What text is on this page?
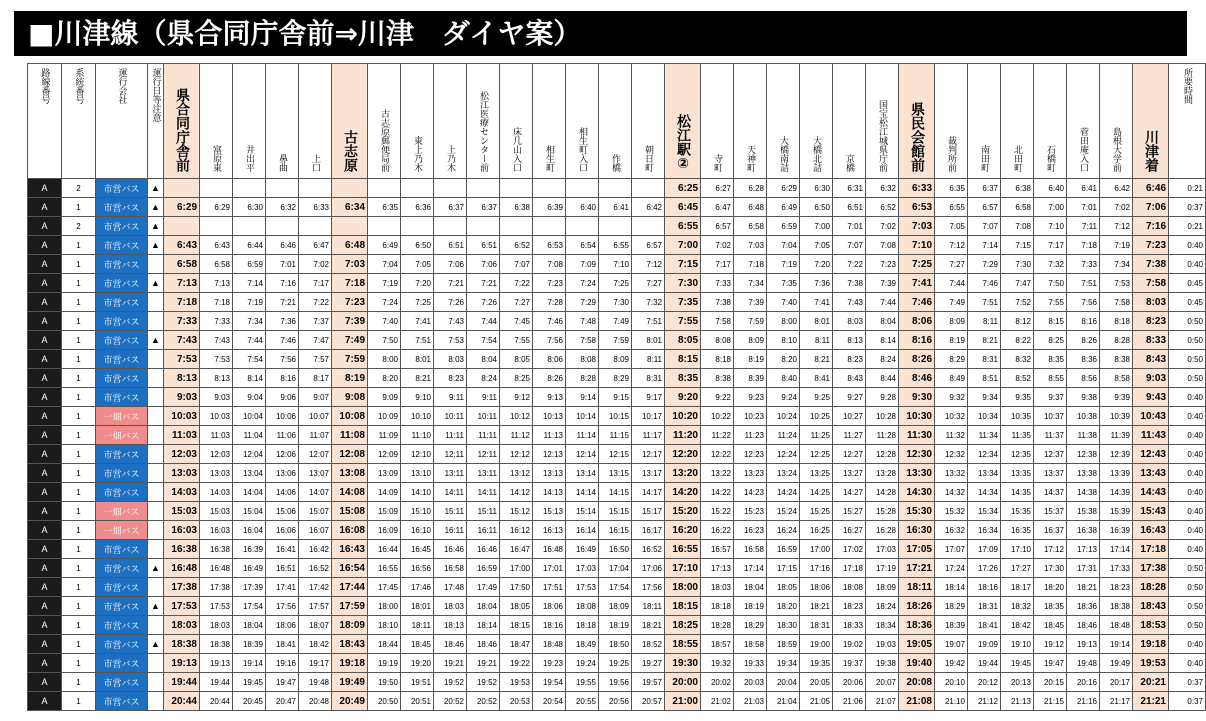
■川津線（県合同庁舎前⇒川津　ダイヤ案）
路線番号	系統番号	運行会社	運行日等注意	県合同庁舎前	富原東	井出平	鼻曲	上口	古志原	古志原郵便局前	東上乃木	上乃木	松江医療センター前	床几山入口	相生町	相生町入口	作橋	朝日町	松江駅②	寺町	天神町	大橋南詰	大橋北詰	京橋	国宝松江城県庁前	県民会館前	裁判所前	南田町	北田町	石橋町	菅田庵入口	島根大学前	川津着	所要時間
A	2	市営バス	▲																6:25	6:27	6:28	6:29	6:30	6:31	6:32	6:33	6:35	6:37	6:38	6:40	6:41	6:42	6:46	0:21
A	1	市営バス	▲	6:29	6:29	6:30	6:32	6:33	6:34	6:35	6:36	6:37	6:37	6:38	6:39	6:40	6:41	6:42	6:45	6:47	6:48	6:49	6:50	6:51	6:52	6:53	6:55	6:57	6:58	7:00	7:01	7:02	7:06	0:37
A	2	市営バス	▲																6:55	6:57	6:58	6:59	7:00	7:01	7:02	7:03	7:05	7:07	7:08	7:10	7:11	7:12	7:16	0:21
A	1	市営バス	▲	6:43	6:43	6:44	6:46	6:47	6:48	6:49	6:50	6:51	6:51	6:52	6:53	6:54	6:55	6:57	7:00	7:02	7:03	7:04	7:05	7:07	7:08	7:10	7:12	7:14	7:15	7:17	7:18	7:19	7:23	0:40
A	1	市営バス		6:58	6:58	6:59	7:01	7:02	7:03	7:04	7:05	7:06	7:06	7:07	7:08	7:09	7:10	7:12	7:15	7:17	7:18	7:19	7:20	7:22	7:23	7:25	7:27	7:29	7:30	7:32	7:33	7:34	7:38	0:40
A	1	市営バス	▲	7:13	7:13	7:14	7:16	7:17	7:18	7:19	7:20	7:21	7:21	7:22	7:23	7:24	7:25	7:27	7:30	7:33	7:34	7:35	7:36	7:38	7:39	7:41	7:44	7:46	7:47	7:50	7:51	7:53	7:58	0:45
A	1	市営バス		7:18	7:18	7:19	7:21	7:22	7:23	7:24	7:25	7:26	7:26	7:27	7:28	7:29	7:30	7:32	7:35	7:38	7:39	7:40	7:41	7:43	7:44	7:46	7:49	7:51	7:52	7:55	7:56	7:58	8:03	0:45
A	1	市営バス		7:33	7:33	7:34	7:36	7:37	7:39	7:40	7:41	7:43	7:44	7:45	7:46	7:48	7:49	7:51	7:55	7:58	7:59	8:00	8:01	8:03	8:04	8:06	8:09	8:11	8:12	8:15	8:16	8:18	8:23	0:50
A	1	市営バス	▲	7:43	7:43	7:44	7:46	7:47	7:49	7:50	7:51	7:53	7:54	7:55	7:56	7:58	7:59	8:01	8:05	8:08	8:09	8:10	8:11	8:13	8:14	8:16	8:19	8:21	8:22	8:25	8:26	8:28	8:33	0:50
A	1	市営バス		7:53	7:53	7:54	7:56	7:57	7:59	8:00	8:01	8:03	8:04	8:05	8:06	8:08	8:09	8:11	8:15	8:18	8:19	8:20	8:21	8:23	8:24	8:26	8:29	8:31	8:32	8:35	8:36	8:38	8:43	0:50
A	1	市営バス		8:13	8:13	8:14	8:16	8:17	8:19	8:20	8:21	8:23	8:24	8:25	8:26	8:28	8:29	8:31	8:35	8:38	8:39	8:40	8:41	8:43	8:44	8:46	8:49	8:51	8:52	8:55	8:56	8:58	9:03	0:50
A	1	市営バス		9:03	9:03	9:04	9:06	9:07	9:08	9:09	9:10	9:11	9:11	9:12	9:13	9:14	9:15	9:17	9:20	9:22	9:23	9:24	9:25	9:27	9:28	9:30	9:32	9:34	9:35	9:37	9:38	9:39	9:43	0:40
A	1	一畑バス		10:03	10:03	10:04	10:06	10:07	10:08	10:09	10:10	10:11	10:11	10:12	10:13	10:14	10:15	10:17	10:20	10:22	10:23	10:24	10:25	10:27	10:28	10:30	10:32	10:34	10:35	10:37	10:38	10:39	10:43	0:40
A	1	一畑バス		11:03	11:03	11:04	11:06	11:07	11:08	11:09	11:10	11:11	11:11	11:12	11:13	11:14	11:15	11:17	11:20	11:22	11:23	11:24	11:25	11:27	11:28	11:30	11:32	11:34	11:35	11:37	11:38	11:39	11:43	0:40
A	1	市営バス		12:03	12:03	12:04	12:06	12:07	12:08	12:09	12:10	12:11	12:11	12:12	12:13	12:14	12:15	12:17	12:20	12:22	12:23	12:24	12:25	12:27	12:28	12:30	12:32	12:34	12:35	12:37	12:38	12:39	12:43	0:40
A	1	市営バス		13:03	13:03	13:04	13:06	13:07	13:08	13:09	13:10	13:11	13:11	13:12	13:13	13:14	13:15	13:17	13:20	13:22	13:23	13:24	13:25	13:27	13:28	13:30	13:32	13:34	13:35	13:37	13:38	13:39	13:43	0:40
A	1	市営バス		14:03	14:03	14:04	14:06	14:07	14:08	14:09	14:10	14:11	14:11	14:12	14:13	14:14	14:15	14:17	14:20	14:22	14:23	14:24	14:25	14:27	14:28	14:30	14:32	14:34	14:35	14:37	14:38	14:39	14:43	0:40
A	1	一畑バス		15:03	15:03	15:04	15:06	15:07	15:08	15:09	15:10	15:11	15:11	15:12	15:13	15:14	15:15	15:17	15:20	15:22	15:23	15:24	15:25	15:27	15:28	15:30	15:32	15:34	15:35	15:37	15:38	15:39	15:43	0:40
A	1	一畑バス		16:03	16:03	16:04	16:06	16:07	16:08	16:09	16:10	16:11	16:11	16:12	16:13	16:14	16:15	16:17	16:20	16:22	16:23	16:24	16:25	16:27	16:28	16:30	16:32	16:34	16:35	16:37	16:38	16:39	16:43	0:40
A	1	市営バス		16:38	16:38	16:39	16:41	16:42	16:43	16:44	16:45	16:46	16:46	16:47	16:48	16:49	16:50	16:52	16:55	16:57	16:58	16:59	17:00	17:02	17:03	17:05	17:07	17:09	17:10	17:12	17:13	17:14	17:18	0:40
A	1	市営バス	▲	16:48	16:48	16:49	16:51	16:52	16:54	16:55	16:56	16:58	16:59	17:00	17:01	17:03	17:04	17:06	17:10	17:13	17:14	17:15	17:16	17:18	17:19	17:21	17:24	17:26	17:27	17:30	17:31	17:33	17:38	0:50
A	1	市営バス		17:38	17:38	17:39	17:41	17:42	17:44	17:45	17:46	17:48	17:49	17:50	17:51	17:53	17:54	17:56	18:00	18:03	18:04	18:05	18:06	18:08	18:09	18:11	18:14	18:16	18:17	18:20	18:21	18:23	18:28	0:50
A	1	市営バス	▲	17:53	17:53	17:54	17:56	17:57	17:59	18:00	18:01	18:03	18:04	18:05	18:06	18:08	18:09	18:11	18:15	18:18	18:19	18:20	18:21	18:23	18:24	18:26	18:29	18:31	18:32	18:35	18:36	18:38	18:43	0:50
A	1	市営バス		18:03	18:03	18:04	18:06	18:07	18:09	18:10	18:11	18:13	18:14	18:15	18:16	18:18	18:19	18:21	18:25	18:28	18:29	18:30	18:31	18:33	18:34	18:36	18:39	18:41	18:42	18:45	18:46	18:48	18:53	0:50
A	1	市営バス	▲	18:38	18:38	18:39	18:41	18:42	18:43	18:44	18:45	18:46	18:46	18:47	18:48	18:49	18:50	18:52	18:55	18:57	18:58	18:59	19:00	19:02	19:03	19:05	19:07	19:09	19:10	19:12	19:13	19:14	19:18	0:40
A	1	市営バス		19:13	19:13	19:14	19:16	19:17	19:18	19:19	19:20	19:21	19:21	19:22	19:23	19:24	19:25	19:27	19:30	19:32	19:33	19:34	19:35	19:37	19:38	19:40	19:42	19:44	19:45	19:47	19:48	19:49	19:53	0:40
A	1	市営バス		19:44	19:44	19:45	19:47	19:48	19:49	19:50	19:51	19:52	19:52	19:53	19:54	19:55	19:56	19:57	20:00	20:02	20:03	20:04	20:05	20:06	20:07	20:08	20:10	20:12	20:13	20:15	20:16	20:17	20:21	0:37
A	1	市営バス		20:44	20:44	20:45	20:47	20:48	20:49	20:50	20:51	20:52	20:52	20:53	20:54	20:55	20:56	20:57	21:00	21:02	21:03	21:04	21:05	21:06	21:07	21:08	21:10	21:12	21:13	21:15	21:16	21:17	21:21	0:37
